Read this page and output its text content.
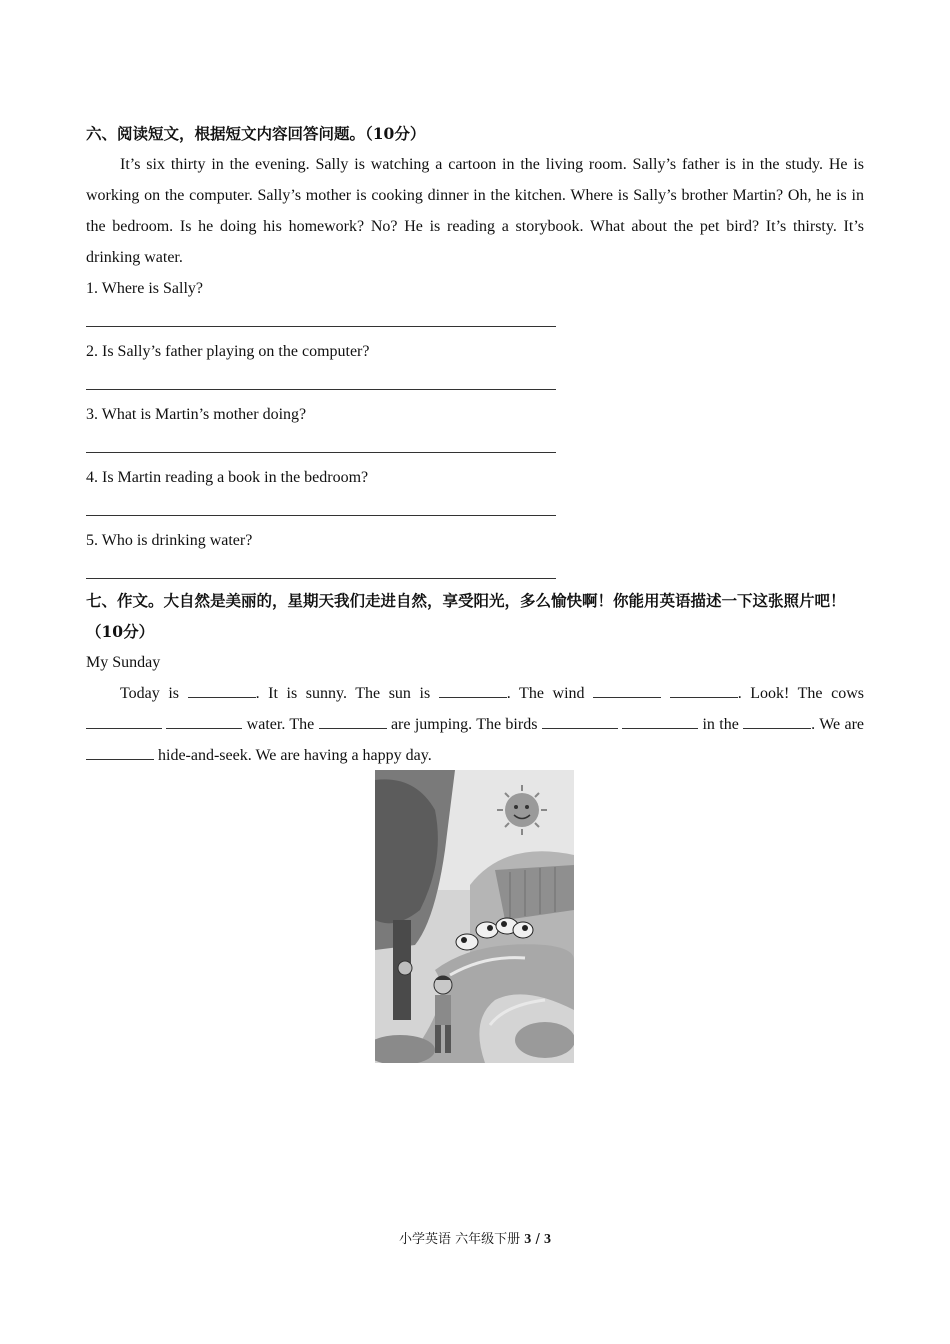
六、阅读短文，根据短文内容回答问题。（10分）

It’s six thirty in the evening. Sally is watching a cartoon in the living room. Sally’s father is in the study. He is working on the computer. Sally’s mother is cooking dinner in the kitchen. Where is Sally’s brother Martin? Oh, he is in the bedroom. Is he doing his homework? No? He is reading a storybook. What about the pet bird? It’s thirsty. It’s drinking water.

1. Where is Sally?

2. Is Sally’s father playing on the computer?

3. What is Martin’s mother doing?

4. Is Martin reading a book in the bedroom?

5. Who is drinking water?

七、作文。大自然是美丽的，星期天我们走进自然，享受阳光，多么愉快啊！你能用英语描述一下这张照片吧！（10分）

My Sunday

Today is	. It is sunny. The sun is	. The wind	. Look! The cows   water. The	are jumping. The birds	in the	. We are  hide-and-seek. We are having a happy day.

小学英语 六年级下册 3 / 3
